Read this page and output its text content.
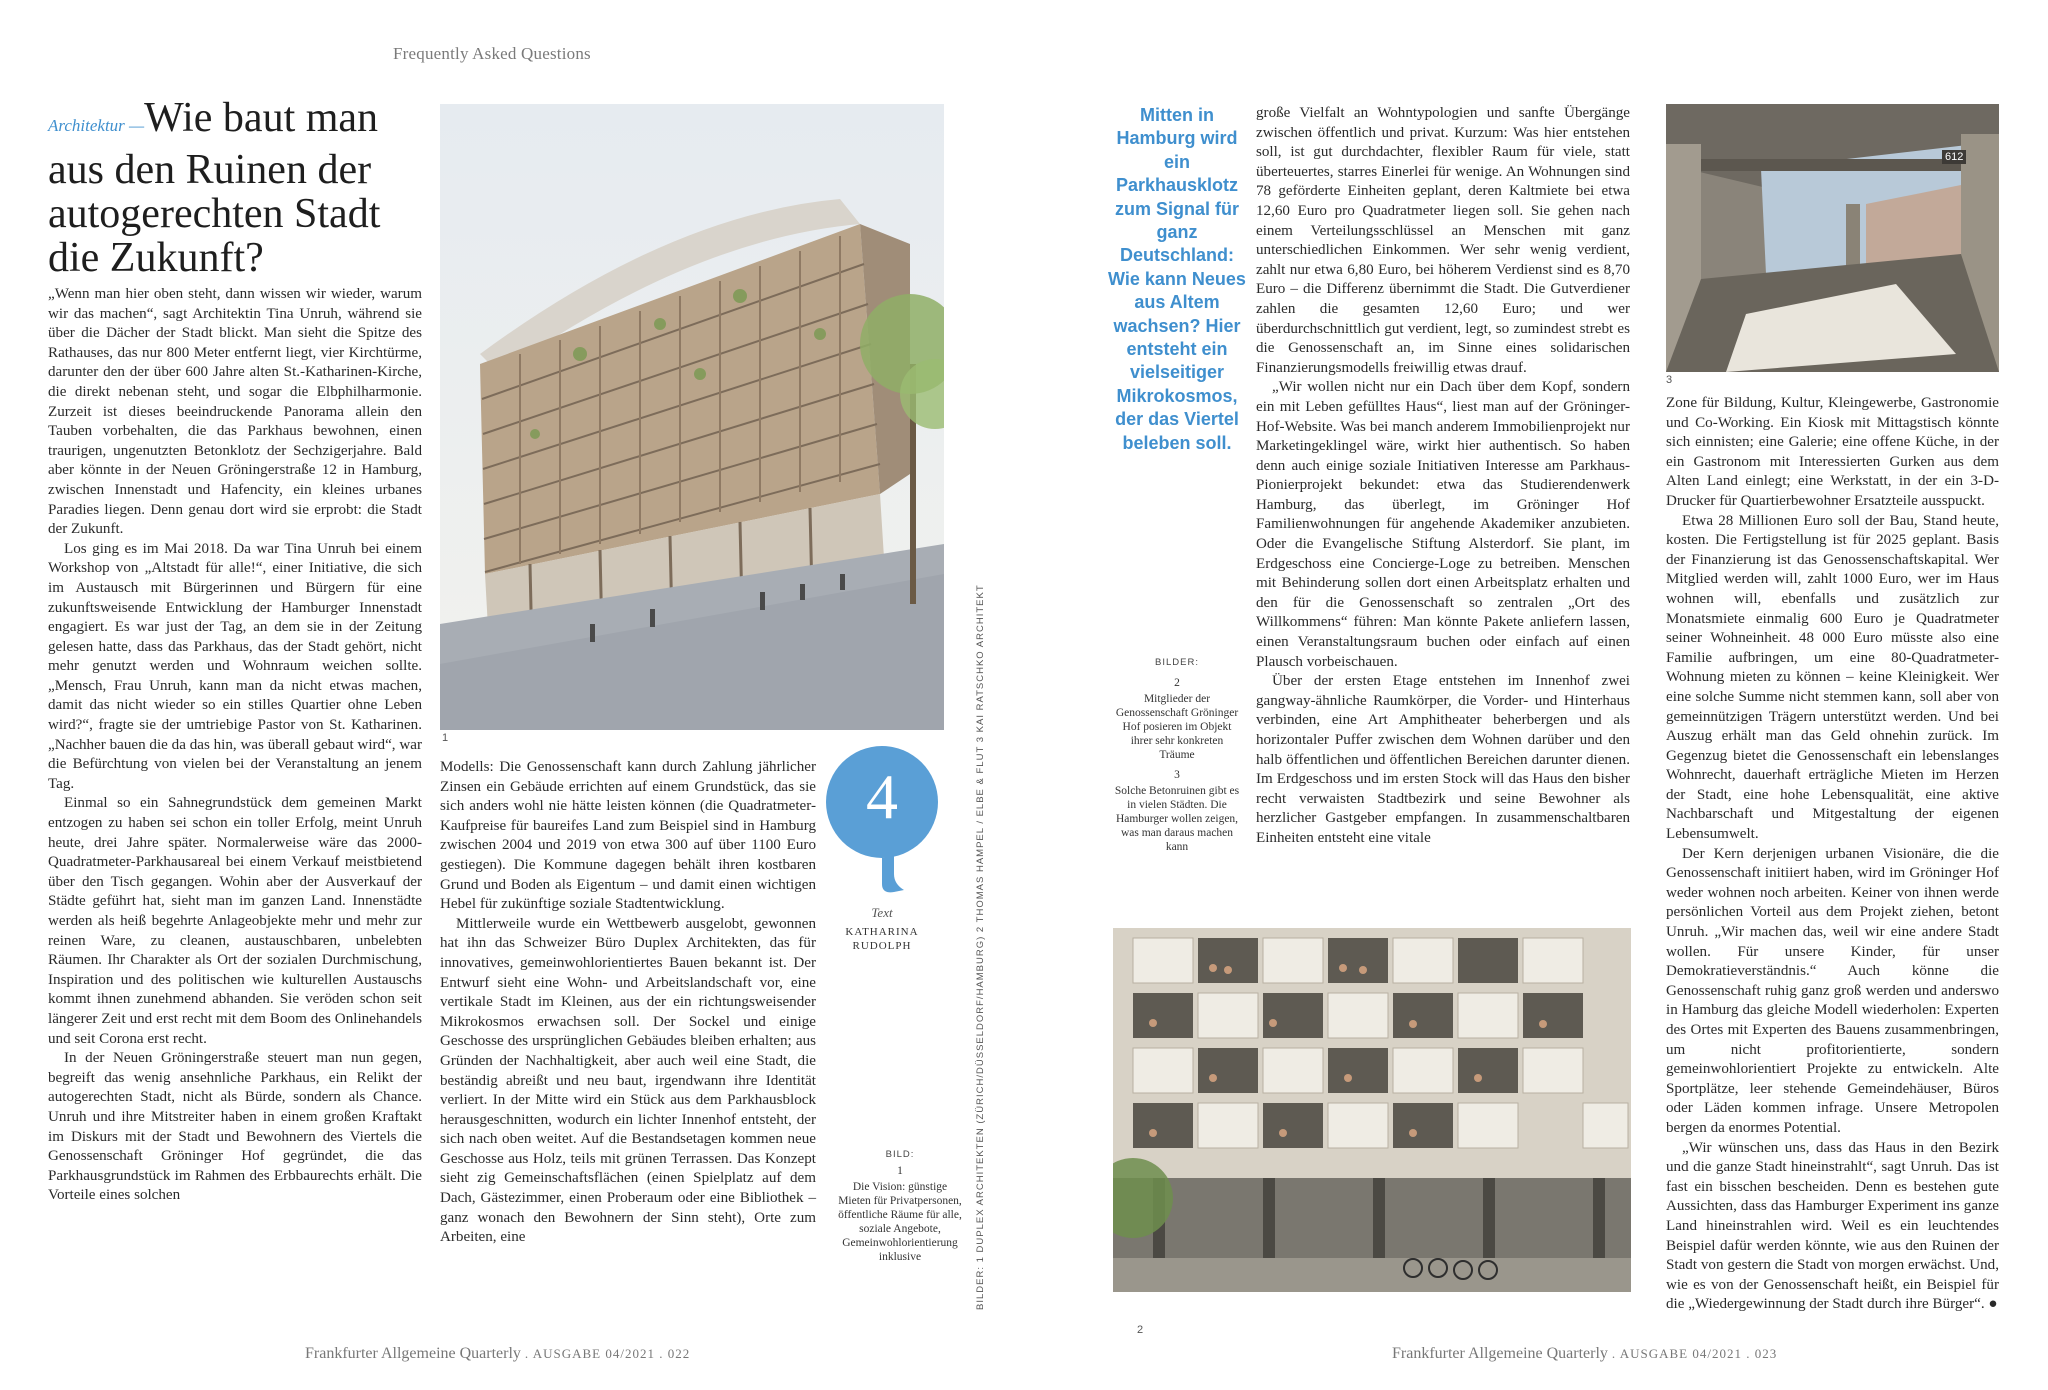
Frequently Asked Questions
Architektur —Wie baut man aus den Ruinen der autogerechten Stadt die Zukunft?

„Wenn man hier oben steht, dann wissen wir wieder, warum wir das machen“, sagt Architektin Tina Unruh, während sie über die Dächer der Stadt blickt. Man sieht die Spitze des Rathauses, das nur 800 Meter entfernt liegt, vier Kirchtürme, darunter den der über 600 Jahre alten St.-Katharinen-Kirche, die direkt nebenan steht, und sogar die Elbphilharmonie. Zurzeit ist dieses beeindruckende Panorama allein den Tauben vorbehalten, die das Parkhaus bewohnen, einen traurigen, ungenutzten Betonklotz der Sechzigerjahre. Bald aber könnte in der Neuen Gröningerstraße 12 in Hamburg, zwischen Innenstadt und Hafencity, ein kleines urbanes Paradies liegen. Denn genau dort wird sie erprobt: die Stadt der Zukunft.

Los ging es im Mai 2018. Da war Tina Unruh bei einem Workshop von „Altstadt für alle!“, einer Initiative, die sich im Austausch mit Bürgerinnen und Bürgern für eine zukunftsweisende Entwicklung der Hamburger Innenstadt engagiert. Es war just der Tag, an dem sie in der Zeitung gelesen hatte, dass das Parkhaus, das der Stadt gehört, nicht mehr genutzt werden und Wohnraum weichen sollte. „Mensch, Frau Unruh, kann man da nicht etwas machen, damit das nicht wieder so ein stilles Quartier ohne Leben wird?“, fragte sie der umtriebige Pastor von St. Katharinen. „Nachher bauen die da das hin, was überall gebaut wird“, war die Befürchtung von vielen bei der Veranstaltung an jenem Tag.

Einmal so ein Sahnegrundstück dem gemeinen Markt entzogen zu haben sei schon ein toller Erfolg, meint Unruh heute, drei Jahre später. Normalerweise wäre das 2000-Quadratmeter-Parkhausareal bei einem Verkauf meistbietend über den Tisch gegangen. Wohin aber der Ausverkauf der Städte geführt hat, sieht man im ganzen Land. Innenstädte werden als heiß begehrte Anlageobjekte mehr und mehr zur reinen Ware, zu cleanen, austauschbaren, unbelebten Räumen. Ihr Charakter als Ort der sozialen Durchmischung, Inspiration und des politischen wie kulturellen Austauschs kommt ihnen zunehmend abhanden. Sie veröden schon seit längerer Zeit und erst recht mit dem Boom des Onlinehandels und seit Corona erst recht.

In der Neuen Gröningerstraße steuert man nun gegen, begreift das wenig ansehnliche Parkhaus, ein Relikt der autogerechten Stadt, nicht als Bürde, sondern als Chance. Unruh und ihre Mitstreiter haben in einem großen Kraftakt im Diskurs mit der Stadt und Bewohnern des Viertels die Genossenschaft Gröninger Hof gegründet, die das Parkhausgrundstück im Rahmen des Erbbaurechts erhält. Die Vorteile eines solchen

1

Modells: Die Genossenschaft kann durch Zahlung jährlicher Zinsen ein Gebäude errichten auf einem Grundstück, das sie sich anders wohl nie hätte leisten können (die Quadratmeter-Kaufpreise für baureifes Land zum Beispiel sind in Hamburg zwischen 2004 und 2019 von etwa 300 auf über 1100 Euro gestiegen). Die Kommune dagegen behält ihren kostbaren Grund und Boden als Eigentum – und damit einen wichtigen Hebel für zukünftige soziale Stadtentwicklung.

Mittlerweile wurde ein Wettbewerb ausgelobt, gewonnen hat ihn das Schweizer Büro Duplex Architekten, das für innovatives, gemeinwohlorientiertes Bauen bekannt ist. Der Entwurf sieht eine Wohn- und Arbeitslandschaft vor, eine vertikale Stadt im Kleinen, aus der ein richtungsweisender Mikrokosmos erwachsen soll. Der Sockel und einige Geschosse des ursprünglichen Gebäudes bleiben erhalten; aus Gründen der Nachhaltigkeit, aber auch weil eine Stadt, die beständig abreißt und neu baut, irgendwann ihre Identität verliert. In der Mitte wird ein Stück aus dem Parkhausblock herausgeschnitten, wodurch ein lichter Innenhof entsteht, der sich nach oben weitet. Auf die Bestandsetagen kommen neue Geschosse aus Holz, teils mit grünen Terrassen. Das Konzept sieht zig Gemeinschaftsflächen (einen Spielplatz auf dem Dach, Gästezimmer, einen Proberaum oder eine Bibliothek – ganz wonach den Bewohnern der Sinn steht), Orte zum Arbeiten, eine

4
Text
KATHARINA RUDOLPH
BILD:
1
Die Vision: günstige Mieten für Privatpersonen, öffentliche Räume für alle, soziale Angebote, Gemeinwohlorientierung inklusive	BILDER: 1 DUPLEX ARCHITEKTEN (ZÜRICH/DÜSSELDORF/HAMBURG) 2 THOMAS HAMPEL / ELBE & FLUT 3 KAI RATSCHKO ARCHITEKT
Mitten in Hamburg wird ein Parkhausklotz zum Signal für ganz Deutschland: Wie kann Neues aus Altem wachsen? Hier entsteht ein vielseitiger Mikrokosmos, der das Viertel beleben soll.
BILDER:
2
Mitglieder der Genossenschaft Gröninger Hof posieren im Objekt ihrer sehr konkreten Träume
3
Solche Betonruinen gibt es in vielen Städten. Die Hamburger wollen zeigen, was man daraus machen kann

große Vielfalt an Wohntypologien und sanfte Übergänge zwischen öffentlich und privat. Kurzum: Was hier entstehen soll, ist gut durchdachter, flexibler Raum für viele, statt überteuertes, starres Einerlei für wenige. An Wohnungen sind 78 geförderte Einheiten geplant, deren Kaltmiete bei etwa 12,60 Euro pro Quadratmeter liegen soll. Sie gehen nach einem Verteilungsschlüssel an Menschen mit ganz unterschiedlichen Einkommen. Wer sehr wenig verdient, zahlt nur etwa 6,80 Euro, bei höherem Verdienst sind es 8,70 Euro – die Differenz übernimmt die Stadt. Die Gutverdiener zahlen die gesamten 12,60 Euro; und wer überdurchschnittlich gut verdient, legt, so zumindest strebt es die Genossenschaft an, im Sinne eines solidarischen Finanzierungsmodells freiwillig etwas drauf.

„Wir wollen nicht nur ein Dach über dem Kopf, sondern ein mit Leben gefülltes Haus“, liest man auf der Gröninger-Hof-Website. Was bei manch anderem Immobilienprojekt nur Marketingeklingel wäre, wirkt hier authentisch. So haben denn auch einige soziale Initiativen Interesse am Parkhaus-Pionierprojekt bekundet: etwa das Studierendenwerk Hamburg, das überlegt, im Gröninger Hof Familienwohnungen für angehende Akademiker anzubieten. Oder die Evangelische Stiftung Alsterdorf. Sie plant, im Erdgeschoss eine Concierge-Loge zu betreiben. Menschen mit Behinderung sollen dort einen Arbeitsplatz erhalten und den für die Genossenschaft so zentralen „Ort des Willkommens“ führen: Man könnte Pakete anliefern lassen, einen Veranstaltungsraum buchen oder einfach auf einen Plausch vorbeischauen.

Über der ersten Etage entstehen im Innenhof zwei gangway-ähnliche Raumkörper, die Vorder- und Hinterhaus verbinden, eine Art Amphitheater beherbergen und als horizontaler Puffer zwischen dem Wohnen darüber und den halb öffentlichen und öffentlichen Bereichen darunter dienen. Im Erdgeschoss und im ersten Stock will das Haus den bisher recht verwaisten Stadtbezirk und seine Bewohner als herzlicher Gastgeber empfangen. In zusammenschaltbaren Einheiten entsteht eine vitale

2
612
3

Zone für Bildung, Kultur, Kleingewerbe, Gastronomie und Co-Working. Ein Kiosk mit Mittagstisch könnte sich einnisten; eine Galerie; eine offene Küche, in der ein Gastronom mit Interessierten Gurken aus dem Alten Land einlegt; eine Werkstatt, in der ein 3-D-Drucker für Quartierbewohner Ersatzteile ausspuckt.

Etwa 28 Millionen Euro soll der Bau, Stand heute, kosten. Die Fertigstellung ist für 2025 geplant. Basis der Finanzierung ist das Genossenschaftskapital. Wer Mitglied werden will, zahlt 1000 Euro, wer im Haus wohnen will, ebenfalls und zusätzlich zur Monatsmiete einmalig 600 Euro je Quadratmeter seiner Wohneinheit. 48 000 Euro müsste also eine Familie aufbringen, um eine 80-Quadratmeter-Wohnung mieten zu können – keine Kleinigkeit. Wer eine solche Summe nicht stemmen kann, soll aber von gemeinnützigen Trägern unterstützt werden. Und bei Auszug erhält man das Geld ohnehin zurück. Im Gegenzug bietet die Genossenschaft ein lebenslanges Wohnrecht, dauerhaft erträgliche Mieten im Herzen der Stadt, eine hohe Lebensqualität, eine aktive Nachbarschaft und Mitgestaltung der eigenen Lebensumwelt.

Der Kern derjenigen urbanen Visionäre, die die Genossenschaft initiiert haben, wird im Gröninger Hof weder wohnen noch arbeiten. Keiner von ihnen werde persönlichen Vorteil aus dem Projekt ziehen, betont Unruh. „Wir machen das, weil wir eine andere Stadt wollen. Für unsere Kinder, für unser Demokratieverständnis.“ Auch könne die Genossenschaft ruhig ganz groß werden und anderswo in Hamburg das gleiche Modell wiederholen: Experten des Ortes mit Experten des Bauens zusammenbringen, um nicht profitorientierte, sondern gemeinwohlorientiert Projekte zu entwickeln. Alte Sportplätze, leer stehende Gemeindehäuser, Büros oder Läden kommen infrage. Unsere Metropolen bergen da enormes Potential.

„Wir wünschen uns, dass das Haus in den Bezirk und die ganze Stadt hineinstrahlt“, sagt Unruh. Das ist fast ein bisschen bescheiden. Denn es bestehen gute Aussichten, dass das Hamburger Experiment ins ganze Land hineinstrahlen wird. Weil es ein leuchtendes Beispiel dafür werden könnte, wie aus den Ruinen der Stadt von gestern die Stadt von morgen erwächst. Und, wie es von der Genossenschaft heißt, ein Beispiel für die „Wiedergewinnung der Stadt durch ihre Bürger“. ●

Frankfurter Allgemeine Quarterly . AUSGABE 04/2021 . 022	Frankfurter Allgemeine Quarterly . AUSGABE 04/2021 . 023
